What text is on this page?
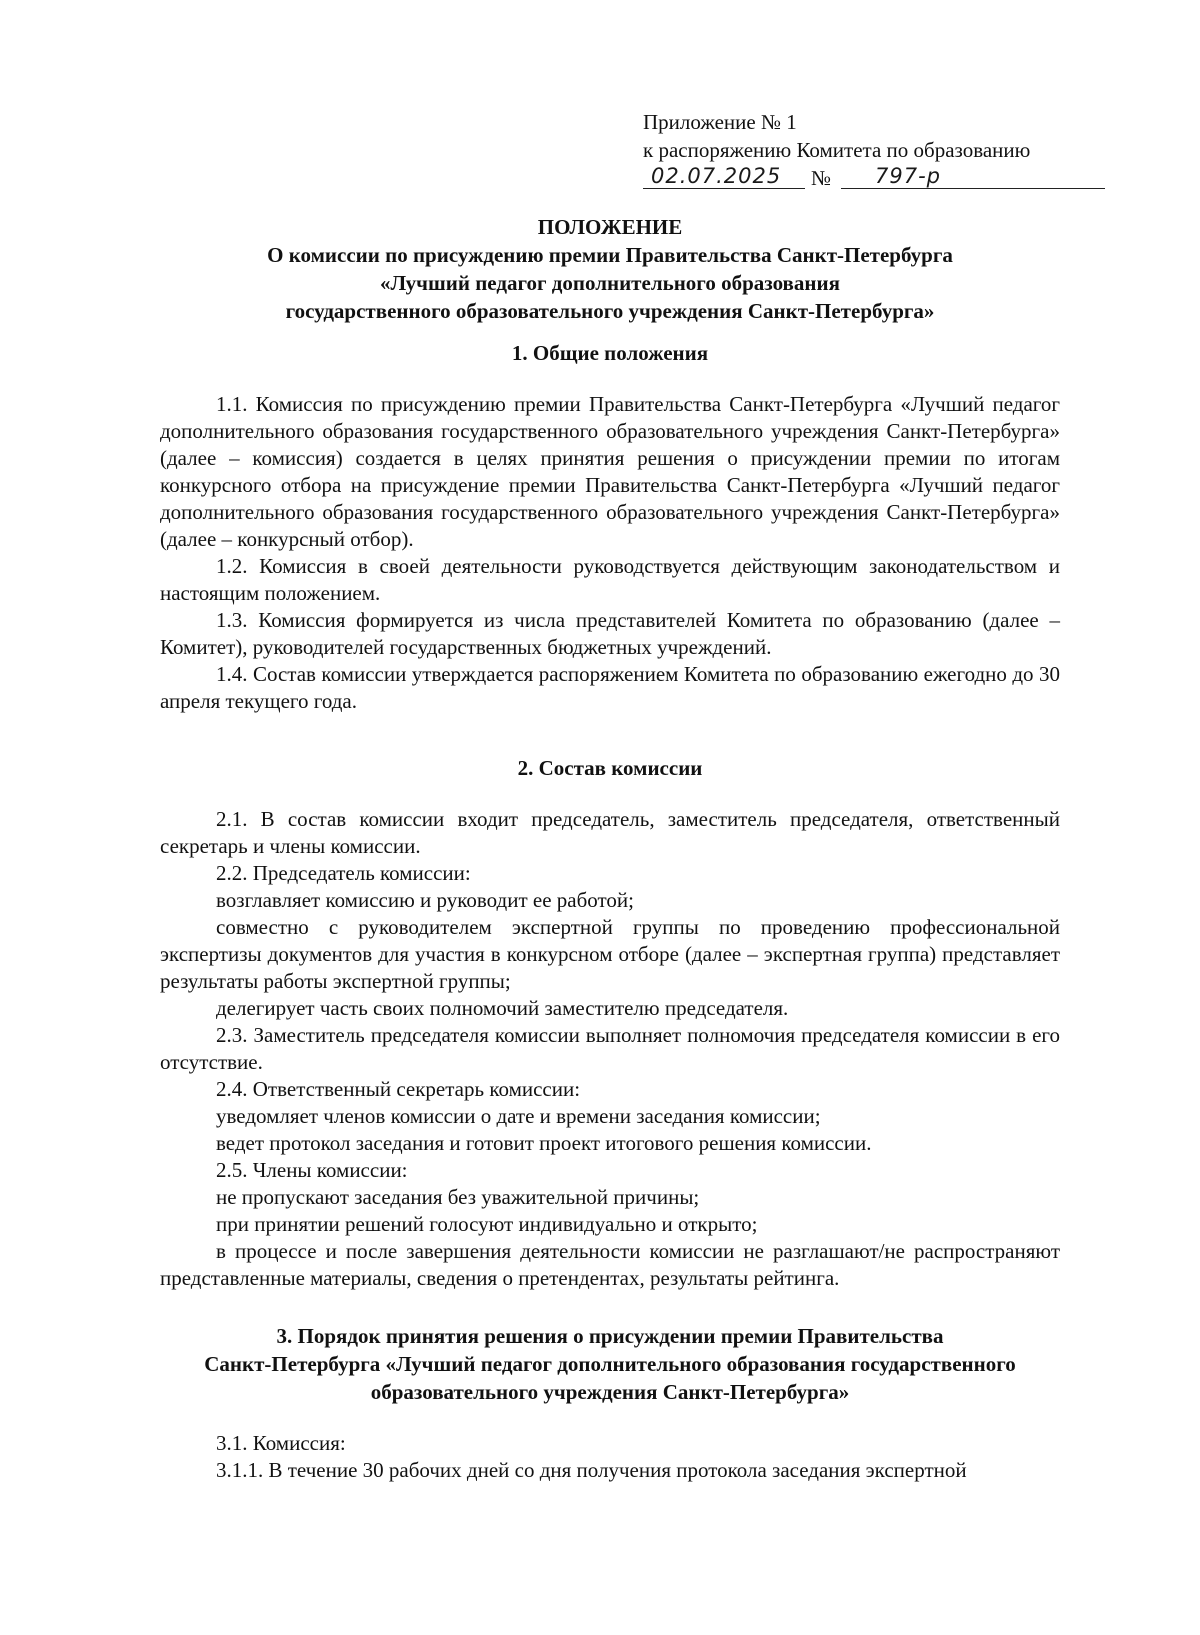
Приложение № 1
к распоряжению Комитета по образованию
02.07.2025 № 797-р
ПОЛОЖЕНИЕ
О комиссии по присуждению премии Правительства Санкт-Петербурга
«Лучший педагог дополнительного образования
государственного образовательного учреждения Санкт-Петербурга»
1. Общие положения

1.1. Комиссия по присуждению премии Правительства Санкт-Петербурга «Лучший педагог дополнительного образования государственного образовательного учреждения Санкт-Петербурга» (далее – комиссия) создается в целях принятия решения о присуждении премии по итогам конкурсного отбора на присуждение премии Правительства Санкт-Петербурга «Лучший педагог дополнительного образования государственного образовательного учреждения Санкт-Петербурга» (далее – конкурсный отбор).

1.2. Комиссия в своей деятельности руководствуется действующим законодательством и настоящим положением.

1.3. Комиссия формируется из числа представителей Комитета по образованию (далее – Комитет), руководителей государственных бюджетных учреждений.

1.4. Состав комиссии утверждается распоряжением Комитета по образованию ежегодно до 30 апреля текущего года.

2. Состав комиссии

2.1. В состав комиссии входит председатель, заместитель председателя, ответственный секретарь и члены комиссии.

2.2. Председатель комиссии:

возглавляет комиссию и руководит ее работой;

совместно с руководителем экспертной группы по проведению профессиональной экспертизы документов для участия в конкурсном отборе (далее – экспертная группа) представляет результаты работы экспертной группы;

делегирует часть своих полномочий заместителю председателя.

2.3. Заместитель председателя комиссии выполняет полномочия председателя комиссии в его отсутствие.

2.4. Ответственный секретарь комиссии:

уведомляет членов комиссии о дате и времени заседания комиссии;

ведет протокол заседания и готовит проект итогового решения комиссии.

2.5. Члены комиссии:

не пропускают заседания без уважительной причины;

при принятии решений голосуют индивидуально и открыто;

в процессе и после завершения деятельности комиссии не разглашают/не распространяют представленные материалы, сведения о претендентах, результаты рейтинга.

3. Порядок принятия решения о присуждении премии Правительства
Санкт-Петербурга «Лучший педагог дополнительного образования государственного
образовательного учреждения Санкт-Петербурга»

3.1. Комиссия:

3.1.1. В течение 30 рабочих дней со дня получения протокола заседания экспертной
